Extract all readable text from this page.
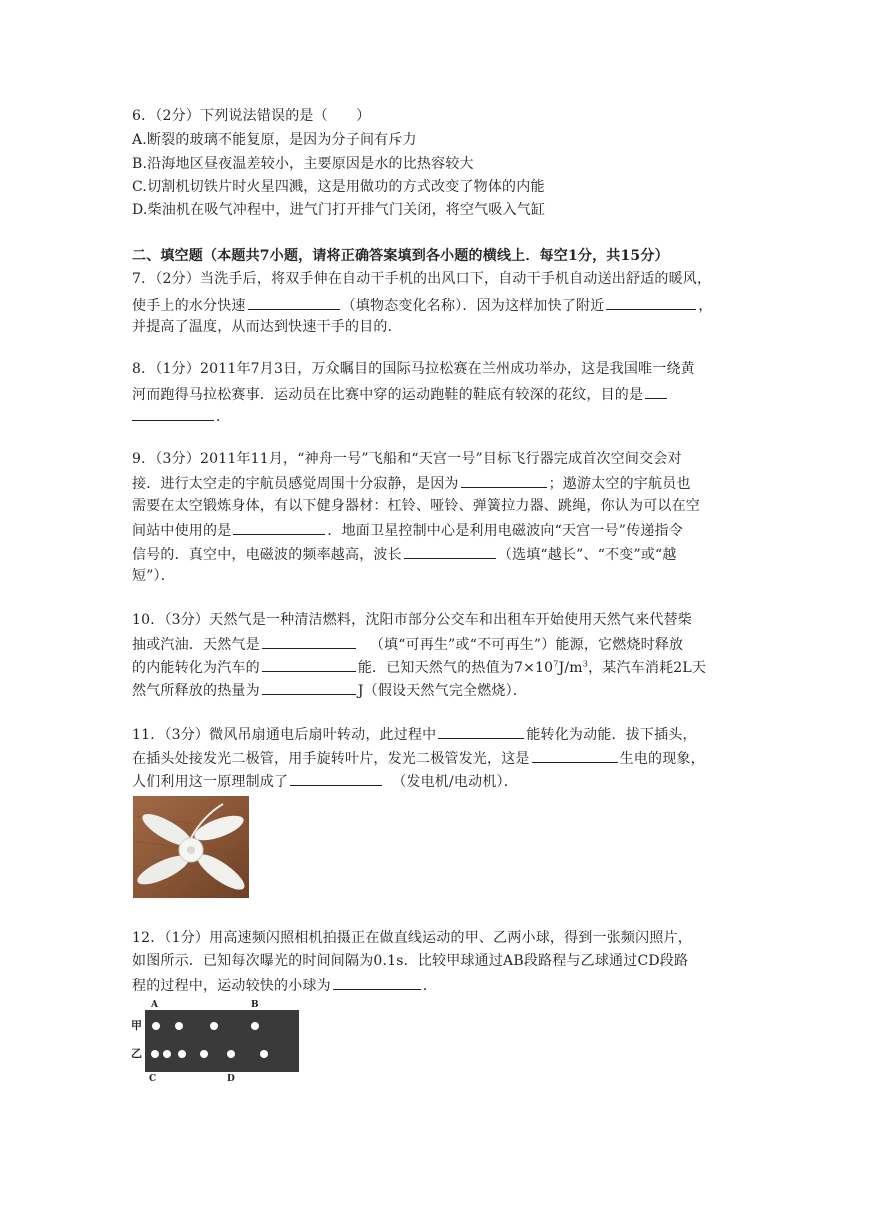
6．（2分）下列说法错误的是（　　）
A.断裂的玻璃不能复原，是因为分子间有斥力
B.沿海地区昼夜温差较小，主要原因是水的比热容较大
C.切割机切铁片时火星四溅，这是用做功的方式改变了物体的内能
D.柴油机在吸气冲程中，进气门打开排气门关闭，将空气吸入气缸
二、填空题（本题共7小题，请将正确答案填到各小题的横线上．每空1分，共15分）
7．（2分）当洗手后，将双手伸在自动干手机的出风口下，自动干手机自动送出舒适的暖风，
使手上的水分快速	（填物态变化名称）．因为这样加快了附近	，
并提高了温度，从而达到快速干手的目的．
8．（1分）2011年7月3日，万众瞩目的国际马拉松赛在兰州成功举办，这是我国唯一绕黄
河而跑得马拉松赛事．运动员在比赛中穿的运动跑鞋的鞋底有较深的花纹，目的是
．
9．（3分）2011年11月，“神舟一号”飞船和“天宫一号”目标飞行器完成首次空间交会对
接．进行太空走的宇航员感觉周围十分寂静，是因为	；遨游太空的宇航员也
需要在太空锻炼身体，有以下健身器材：杠铃、哑铃、弹簧拉力器、跳绳，你认为可以在空
间站中使用的是	．地面卫星控制中心是利用电磁波向“天宫一号”传递指令
信号的．真空中，电磁波的频率越高，波长	（选填“越长”、“不变”或“越
短”）．
10．（3分）天然气是一种清洁燃料，沈阳市部分公交车和出租车开始使用天然气来代替柴
抽或汽油．天然气是	（填“可再生”或“不可再生”）能源，它燃烧时释放
的内能转化为汽车的	能．已知天然气的热值为$7\times 10^7J/m^3$，某汽车消耗2L天
然气所释放的热量为	J（假设天然气完全燃烧）．
11．（3分）微风吊扇通电后扇叶转动，此过程中	能转化为动能．拔下插头，
在插头处接发光二极管，用手旋转叶片，发光二极管发光，这是	生电的现象，
人们利用这一原理制成了	（发电机/电动机）．
12．（1分）用高速频闪照相机拍摄正在做直线运动的甲、乙两小球，得到一张频闪照片，
如图所示．已知每次曝光的时间间隔为0.1s．比较甲球通过AB段路程与乙球通过CD段路
程的过程中，运动较快的小球为	．
A	B
甲
乙
C	D
